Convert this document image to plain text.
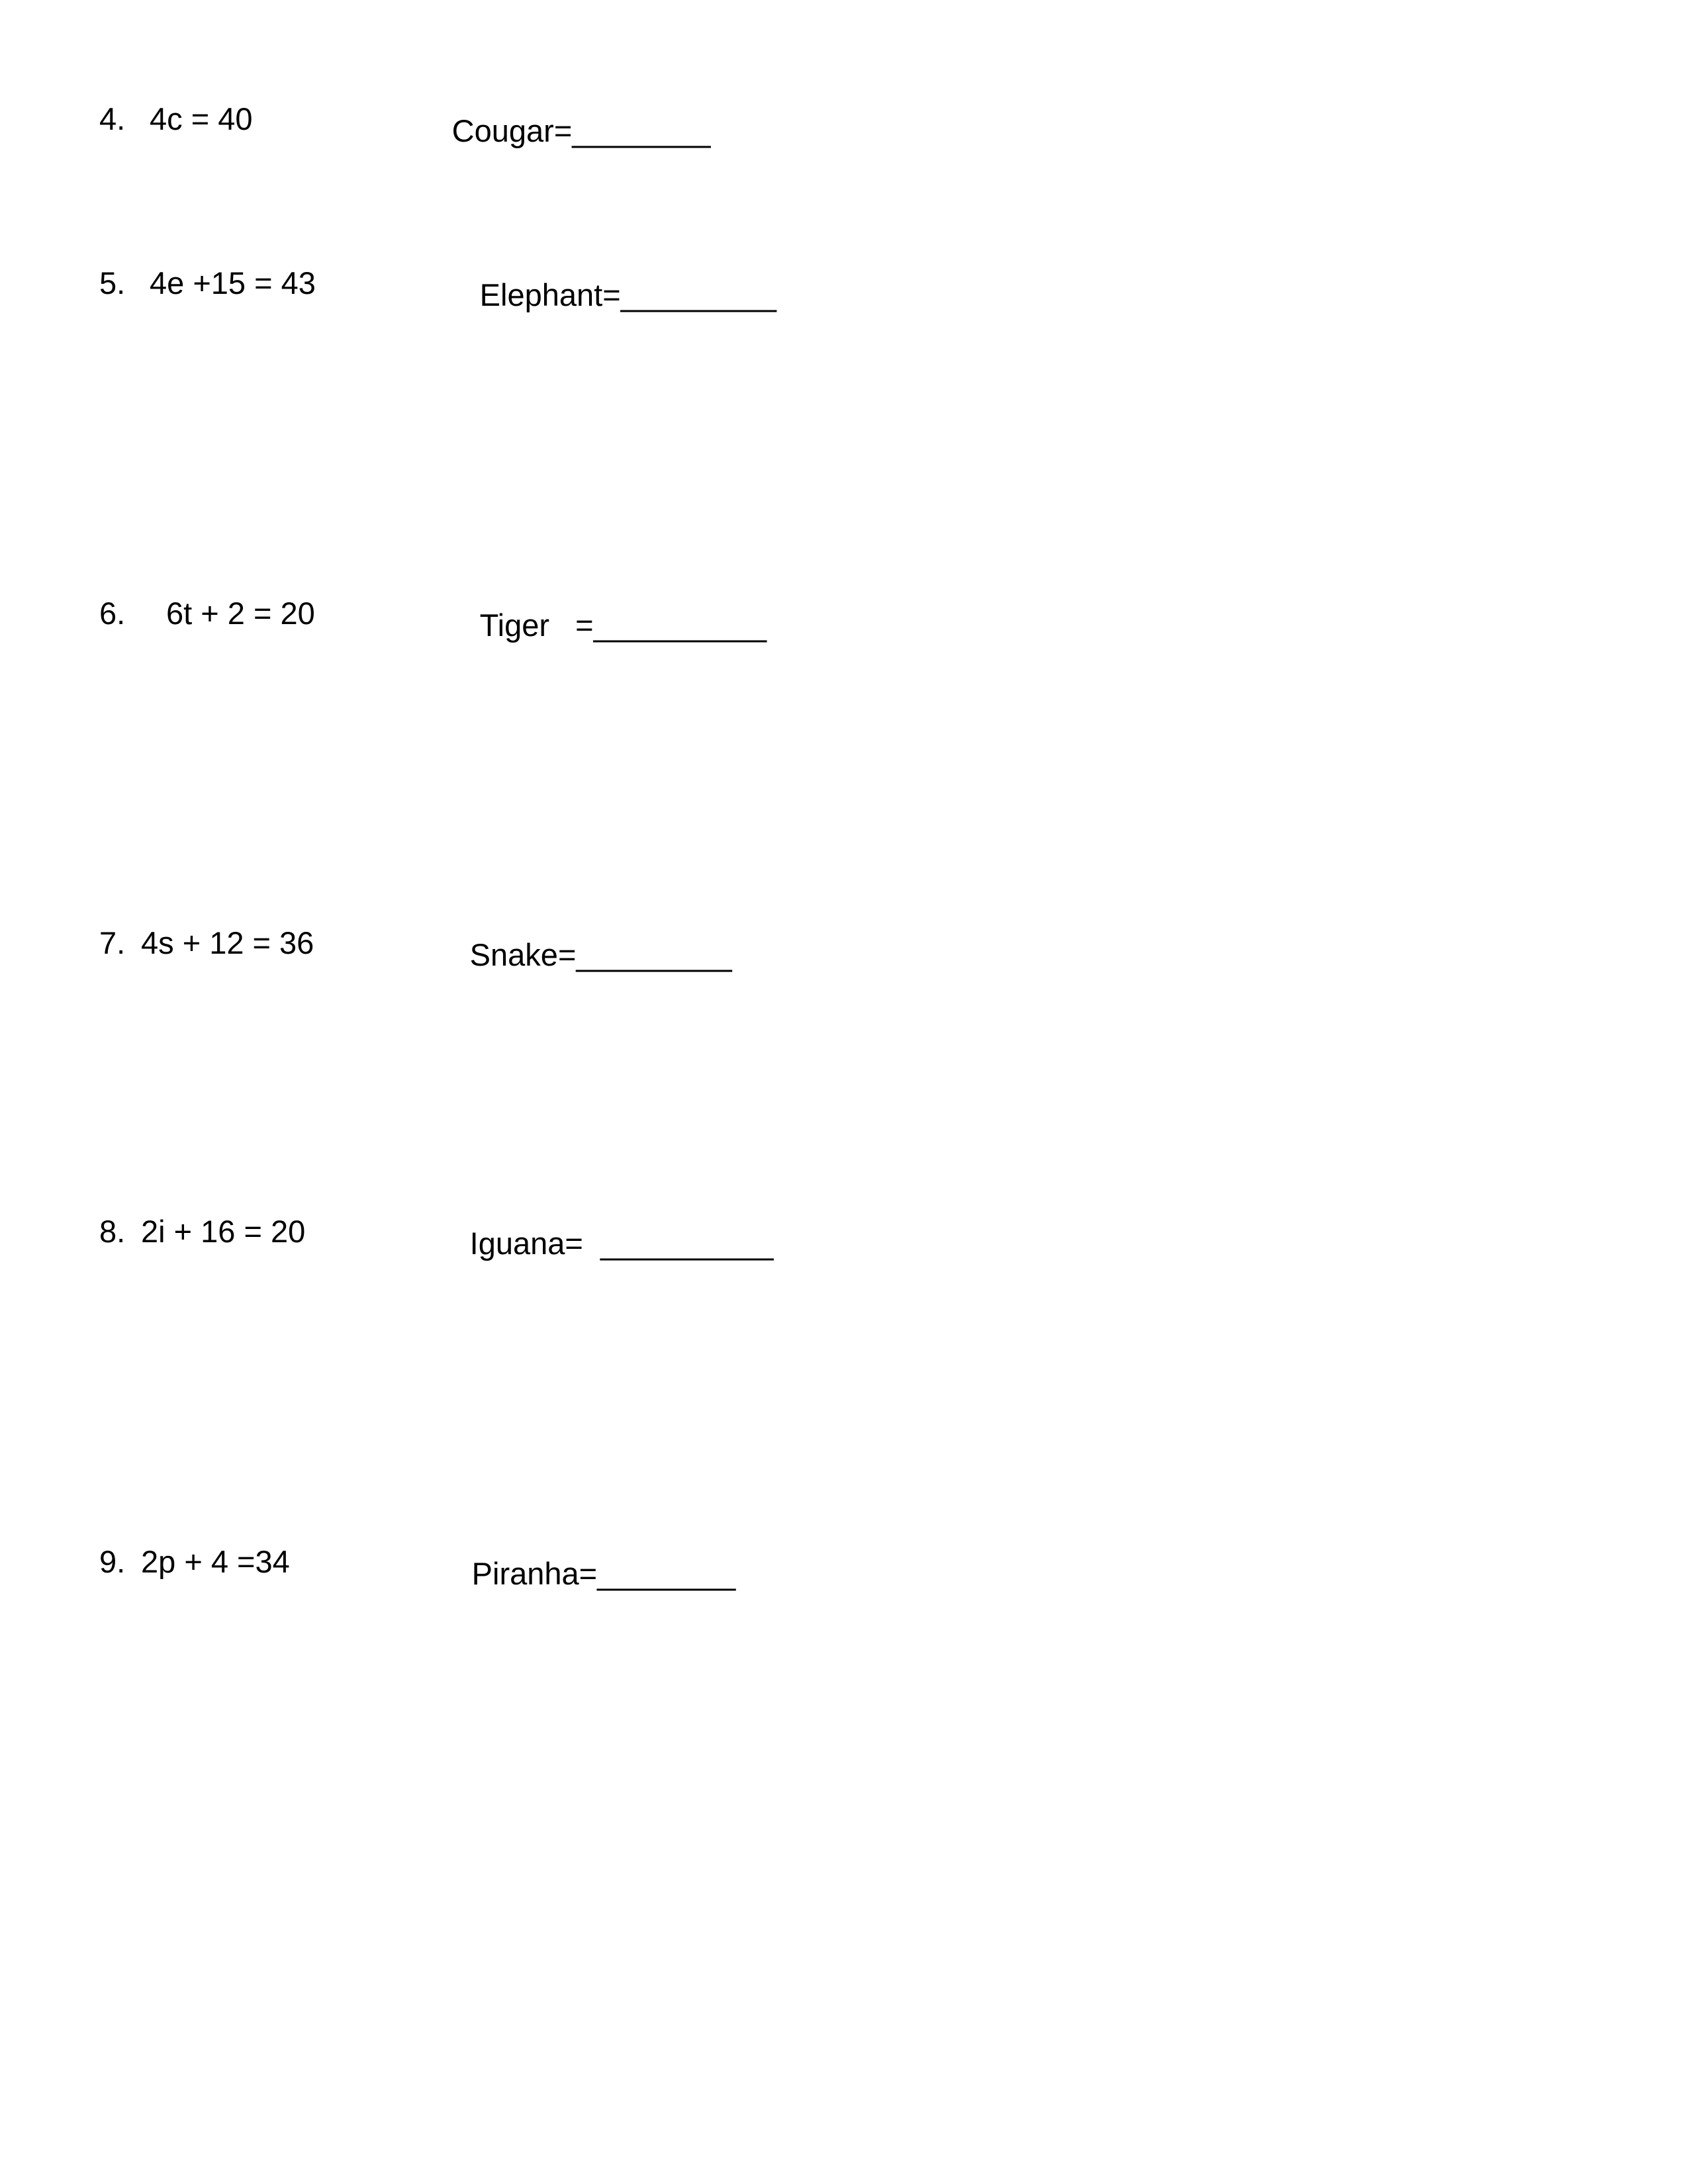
4. 4c = 40	Cougar=________

5. 4e +15 = 43	Elephant=_________

6. 6t + 2 = 20	Tiger   =__________

7. 4s + 12 = 36	Snake=_________

8. 2i + 16 = 20	Iguana=  __________

9. 2p + 4 =34	Piranha=________
